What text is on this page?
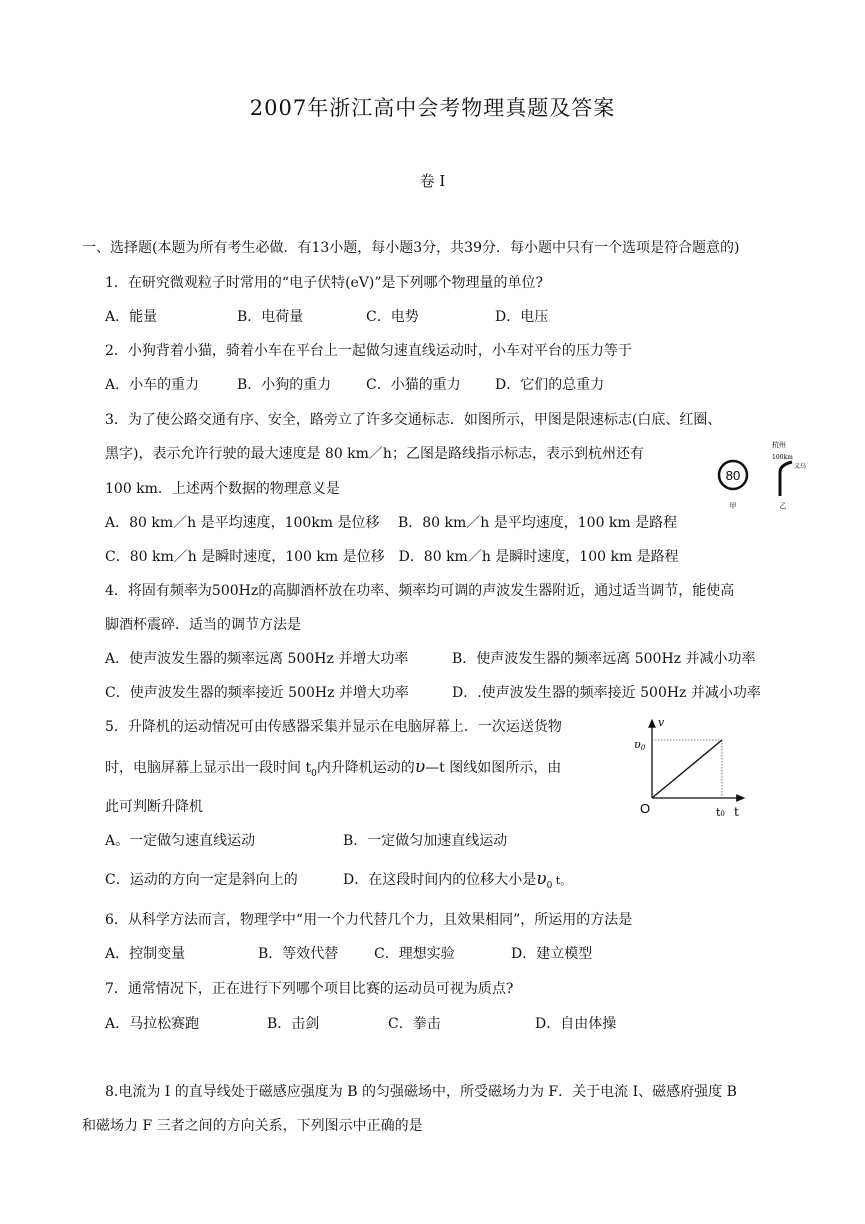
2007年浙江高中会考物理真题及答案
卷 I
一、选择题(本题为所有考生必做．有13小题，每小题3分，共39分．每小题中只有一个选项是符合题意的)
1．在研究微观粒子时常用的“电子伏特(eV)”是下列哪个物理量的单位?
A．能量	B．电荷量	C．电势	D．电压
2．小狗背着小猫，骑着小车在平台上一起做匀速直线运动时，小车对平台的压力等于
A．小车的重力	B．小狗的重力 C．小猫的重力 D．它们的总重力
3．为了使公路交通有序、安全，路旁立了许多交通标志．如图所示，甲图是限速标志(白底、红圈、
黑字)，表示允许行驶的最大速度是 80 km／h；乙图是路线指示标志，表示到杭州还有
100 km．上述两个数据的物理意义是
A．80 km／h 是平均速度，100km 是位移　 B．80 km／h 是平均速度，100 km 是路程
C．80 km／h 是瞬时速度，100 km 是位移　D．80 km／h 是瞬时速度，100 km 是路程
80
甲
杭州
100km
义乌
乙
4．将固有频率为500Hz的高脚酒杯放在功率、频率均可调的声波发生器附近，通过适当调节，能使高
脚酒杯震碎．适当的调节方法是
A．使声波发生器的频率远离 500Hz 并增大功率	B．使声波发生器的频率远离 500Hz 并减小功率
C．使声波发生器的频率接近 500Hz 并增大功率	D．.使声波发生器的频率接近 500Hz 并减小功率
5．升降机的运动情况可由传感器采集并显示在电脑屏幕上．一次运送货物
时，电脑屏幕上显示出一段时间 $t_0$内升降机运动的υ—t 图线如图所示，由
此可判断升降机
A。一定做匀速直线运动	B．一定做匀加速直线运动
C．运动的方向一定是斜向上的	D．在这段时间内的位移大小是$\upsilon_0$ t。
v
υ0
O	t0 t
6．从科学方法而言，物理学中“用一个力代替几个力，且效果相同”，所运用的方法是
A．控制变量	B．等效代替	C．理想实验	D．建立模型
7．通常情况下，正在进行下列哪个项目比赛的运动员可视为质点?
A．马拉松赛跑	B．击剑	C．拳击	D．自由体操
8.电流为 I 的直导线处于磁感应强度为 B 的匀强磁场中，所受磁场力为 F．关于电流 I、磁感府强度 B
和磁场力 F 三者之间的方向关系，下列图示中正确的是
